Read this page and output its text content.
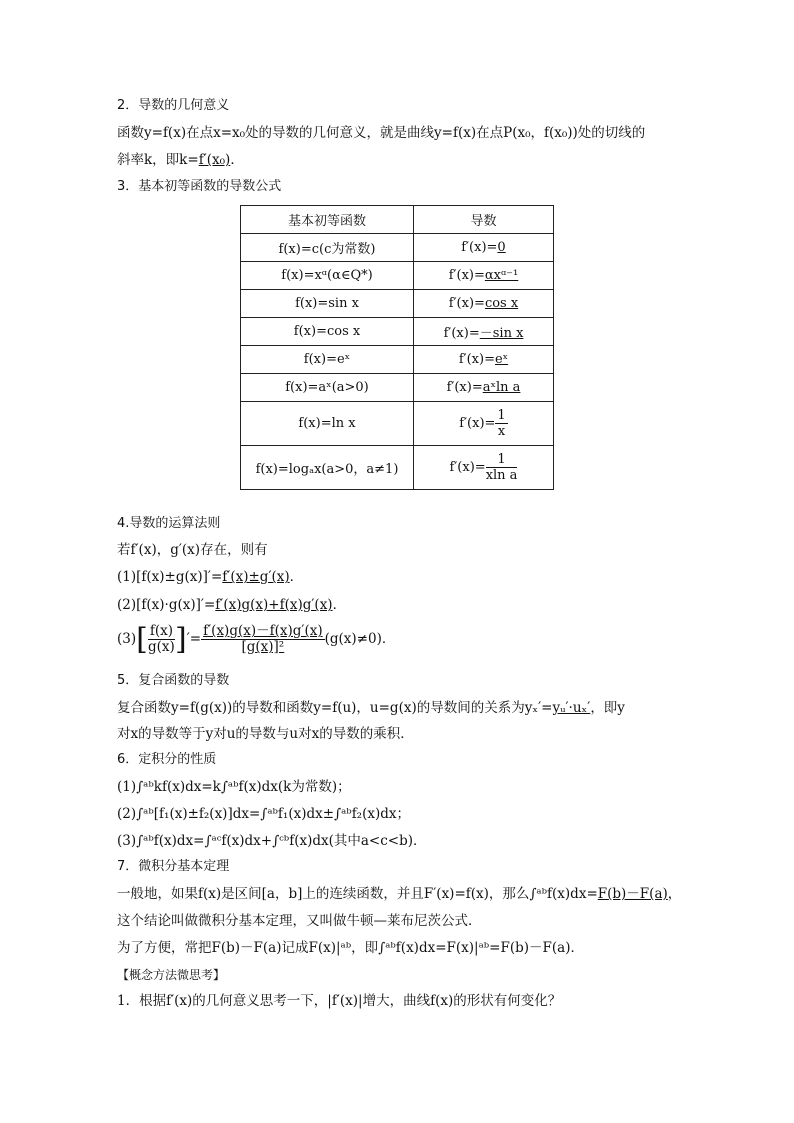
2．导数的几何意义
函数y=f(x)在点x=x₀处的导数的几何意义，就是曲线y=f(x)在点P(x₀，f(x₀))处的切线的
斜率k，即k=f′(x₀)．
3．基本初等函数的导数公式
基本初等函数	导数
f(x)=c(c为常数)	f′(x)=0
f(x)=xᵅ(α∈Q*)	f′(x)=αxᵅ⁻¹
f(x)=sin x	f′(x)=cos x
f(x)=cos x	f′(x)=－sin x
f(x)=eˣ	f′(x)=eˣ
f(x)=aˣ(a>0)	f′(x)=aˣln a
f(x)=ln x	$f'(x)= \frac{1}{x}$

f(x)=logₐx(a>0，a≠1)	$f'(x)= \frac{1}{\text{xln a}}$
4.导数的运算法则
若f′(x)，g′(x)存在，则有
(1)[f(x)±g(x)]′=f′(x)±g′(x)．
(2)[f(x)·g(x)]′=f′(x)g(x)+f(x)g′(x)．
$(3)[ \frac{f(x)}{g(x)}$ ]′= $\frac{f'(x)g(x)-f(x)g'(x)}{\text{[g(x)]²}} (g(x)\ne 0)$．
5．复合函数的导数
复合函数y=f(g(x))的导数和函数y=f(u)，u=g(x)的导数间的关系为yₓ′=yᵤ′·uₓ′，即y
对x的导数等于y对u的导数与u对x的导数的乘积．
6．定积分的性质
(1)∫ᵃᵇkf(x)dx=k∫ᵃᵇf(x)dx(k为常数)；
(2)∫ᵃᵇ[f₁(x)±f₂(x)]dx=∫ᵃᵇf₁(x)dx±∫ᵃᵇf₂(x)dx；
(3)∫ᵃᵇf(x)dx=∫ᵃᶜf(x)dx+∫ᶜᵇf(x)dx(其中a<c<b)．
7．微积分基本定理
一般地，如果f(x)是区间[a，b]上的连续函数，并且F′(x)=f(x)，那么∫ᵃᵇf(x)dx=F(b)－F(a)，
这个结论叫做微积分基本定理，又叫做牛顿—莱布尼茨公式．
为了方便，常把F(b)－F(a)记成F(x)|ᵃᵇ，即∫ᵃᵇf(x)dx=F(x)|ᵃᵇ=F(b)－F(a)．
【概念方法微思考】
1．根据f′(x)的几何意义思考一下，|f′(x)|增大，曲线f(x)的形状有何变化？
